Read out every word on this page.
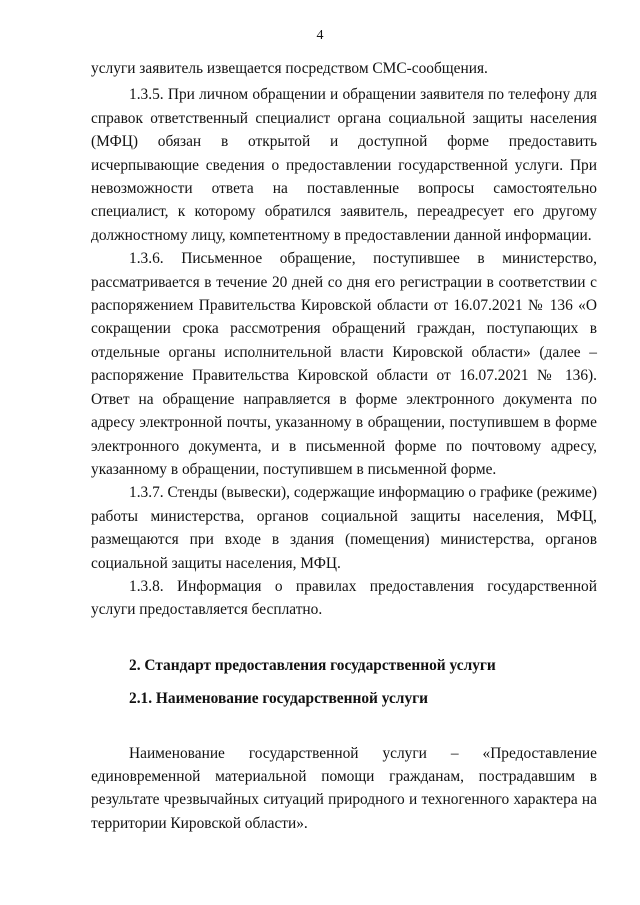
4

услуги заявитель извещается посредством СМС-сообщения.

1.3.5. При личном обращении и обращении заявителя по телефону для справок ответственный специалист органа социальной защиты населения (МФЦ) обязан в открытой и доступной форме предоставить исчерпывающие сведения о предоставлении государственной услуги. При невозможности ответа на поставленные вопросы самостоятельно специалист, к которому обратился заявитель, переадресует его другому должностному лицу, компетентному в предоставлении данной информации.

1.3.6. Письменное обращение, поступившее в министерство, рассматривается в течение 20 дней со дня его регистрации в соответствии с распоряжением Правительства Кировской области от 16.07.2021 № 136 «О сокращении срока рассмотрения обращений граждан, поступающих в отдельные органы исполнительной власти Кировской области» (далее – распоряжение Правительства Кировской области от 16.07.2021 № 136). Ответ на обращение направляется в форме электронного документа по адресу электронной почты, указанному в обращении, поступившем в форме электронного документа, и в письменной форме по почтовому адресу, указанному в обращении, поступившем в письменной форме.

1.3.7. Стенды (вывески), содержащие информацию о графике (режиме) работы министерства, органов социальной защиты населения, МФЦ, размещаются при входе в здания (помещения) министерства, органов социальной защиты населения, МФЦ.

1.3.8. Информация о правилах предоставления государственной услуги предоставляется бесплатно.

2. Стандарт предоставления государственной услуги

2.1. Наименование государственной услуги

Наименование государственной услуги – «Предоставление единовременной материальной помощи гражданам, пострадавшим в результате чрезвычайных ситуаций природного и техногенного характера на территории Кировской области».
